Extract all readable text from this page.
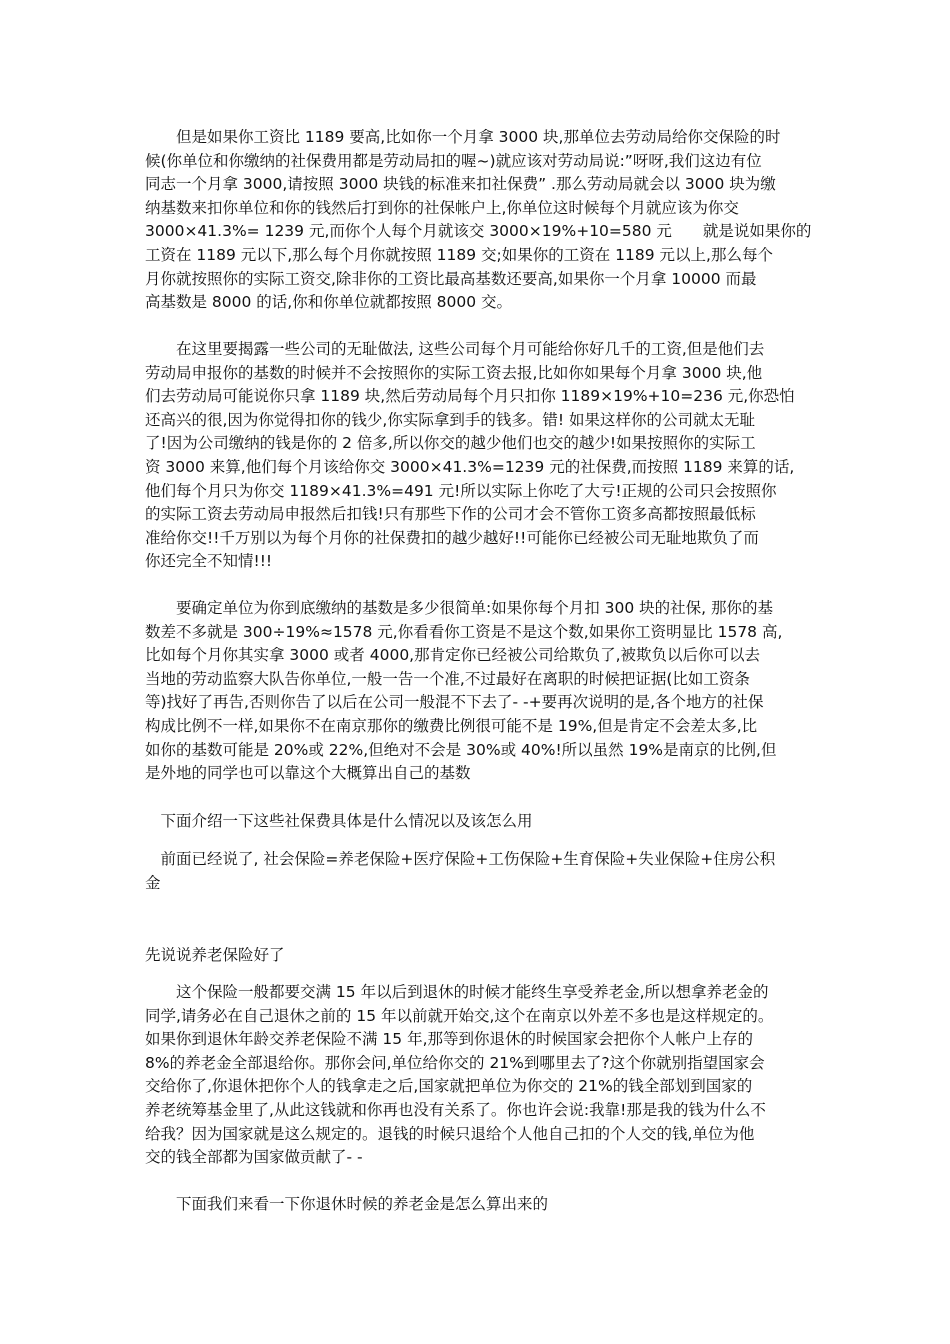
　　但是如果你工资比 1189 要高,比如你一个月拿 3000 块,那单位去劳动局给你交保险的时
候(你单位和你缴纳的社保费用都是劳动局扣的喔~)就应该对劳动局说:”呀呀,我们这边有位
同志一个月拿 3000,请按照 3000 块钱的标准来扣社保费” .那么劳动局就会以 3000 块为缴
纳基数来扣你单位和你的钱然后打到你的社保帐户上,你单位这时候每个月就应该为你交
3000×41.3%= 1239 元,而你个人每个月就该交 3000×19%+10=580 元　　就是说如果你的
工资在 1189 元以下,那么每个月你就按照 1189 交;如果你的工资在 1189 元以上,那么每个
月你就按照你的实际工资交,除非你的工资比最高基数还要高,如果你一个月拿 10000 而最
高基数是 8000 的话,你和你单位就都按照 8000 交。
　　在这里要揭露一些公司的无耻做法, 这些公司每个月可能给你好几千的工资,但是他们去
劳动局申报你的基数的时候并不会按照你的实际工资去报,比如你如果每个月拿 3000 块,他
们去劳动局可能说你只拿 1189 块,然后劳动局每个月只扣你 1189×19%+10=236 元,你恐怕
还高兴的很,因为你觉得扣你的钱少,你实际拿到手的钱多。错! 如果这样你的公司就太无耻
了!因为公司缴纳的钱是你的 2 倍多,所以你交的越少他们也交的越少!如果按照你的实际工
资 3000 来算,他们每个月该给你交 3000×41.3%=1239 元的社保费,而按照 1189 来算的话,
他们每个月只为你交 1189×41.3%=491 元!所以实际上你吃了大亏!正规的公司只会按照你
的实际工资去劳动局申报然后扣钱!只有那些下作的公司才会不管你工资多高都按照最低标
准给你交!!千万别以为每个月你的社保费扣的越少越好!!可能你已经被公司无耻地欺负了而
你还完全不知情!!!
　　要确定单位为你到底缴纳的基数是多少很简单:如果你每个月扣 300 块的社保, 那你的基
数差不多就是 300÷19%≈1578 元,你看看你工资是不是这个数,如果你工资明显比 1578 高,
比如每个月你其实拿 3000 或者 4000,那肯定你已经被公司给欺负了,被欺负以后你可以去
当地的劳动监察大队告你单位,一般一告一个准,不过最好在离职的时候把证据(比如工资条
等)找好了再告,否则你告了以后在公司一般混不下去了- -+要再次说明的是,各个地方的社保
构成比例不一样,如果你不在南京那你的缴费比例很可能不是 19%,但是肯定不会差太多,比
如你的基数可能是 20%或 22%,但绝对不会是 30%或 40%!所以虽然 19%是南京的比例,但
是外地的同学也可以靠这个大概算出自己的基数
　下面介绍一下这些社保费具体是什么情况以及该怎么用
　前面已经说了, 社会保险=养老保险+医疗保险+工伤保险+生育保险+失业保险+住房公积
金
先说说养老保险好了
　　这个保险一般都要交满 15 年以后到退休的时候才能终生享受养老金,所以想拿养老金的
同学,请务必在自己退休之前的 15 年以前就开始交,这个在南京以外差不多也是这样规定的。
如果你到退休年龄交养老保险不满 15 年,那等到你退休的时候国家会把你个人帐户上存的
8%的养老金全部退给你。那你会问,单位给你交的 21%到哪里去了?这个你就别指望国家会
交给你了,你退休把你个人的钱拿走之后,国家就把单位为你交的 21%的钱全部划到国家的
养老统筹基金里了,从此这钱就和你再也没有关系了。你也许会说:我靠!那是我的钱为什么不
给我？因为国家就是这么规定的。退钱的时候只退给个人他自己扣的个人交的钱,单位为他
交的钱全部都为国家做贡献了- -
　　下面我们来看一下你退休时候的养老金是怎么算出来的
